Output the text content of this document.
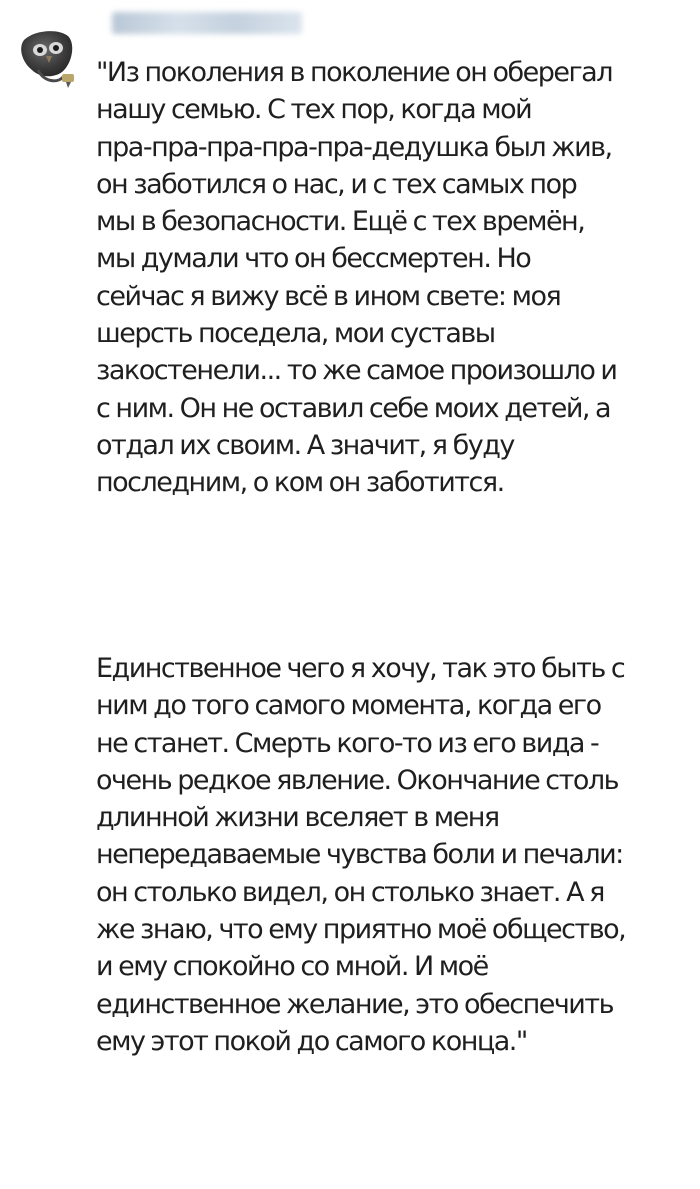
"Из поколения в поколение он оберегал
нашу семью. С тех пор, когда мой
пра-пра-пра-пра-пра-дедушка был жив,
он заботился о нас, и с тех самых пор
мы в безопасности. Ещё с тех времён,
мы думали что он бессмертен. Но
сейчас я вижу всё в ином свете: моя
шерсть поседела, мои суставы
закостенели... то же самое произошло и
с ним. Он не оставил себе моих детей, а
отдал их своим. А значит, я буду
последним, о ком он заботится.

Единственное чего я хочу, так это быть с
ним до того самого момента, когда его
не станет. Смерть кого-то из его вида -
очень редкое явление. Окончание столь
длинной жизни вселяет в меня
непередаваемые чувства боли и печали:
он столько видел, он столько знает. А я
же знаю, что ему приятно моё общество,
и ему спокойно со мной. И моё
единственное желание, это обеспечить
ему этот покой до самого конца."
